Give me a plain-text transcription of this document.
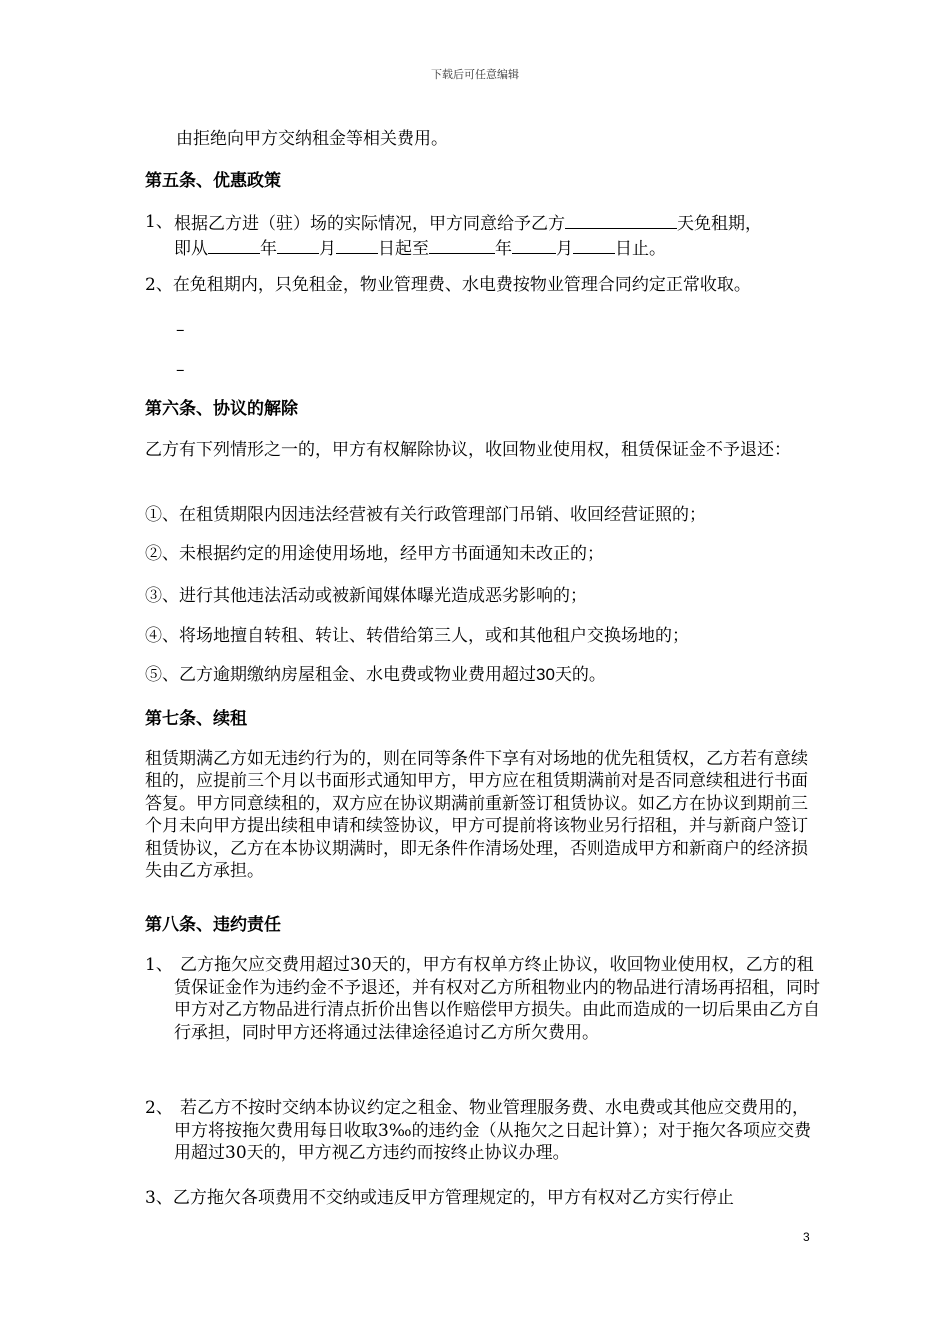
下载后可任意编辑
由拒绝向甲方交纳租金等相关费用。
第五条、优惠政策
1、 根据乙方进（驻）场的实际情况，甲方同意给予乙方	天免租期，
即从	年 月 日起至	年	月 日止。
2、在免租期内，只免租金，物业管理费、水电费按物业管理合同约定正常收取。
–
–
第六条、协议的解除
乙方有下列情形之一的，甲方有权解除协议，收回物业使用权，租赁保证金不予退还：
①、在租赁期限内因违法经营被有关行政管理部门吊销、收回经营证照的；
②、未根据约定的用途使用场地，经甲方书面通知未改正的；
③、进行其他违法活动或被新闻媒体曝光造成恶劣影响的；
④、将场地擅自转租、转让、转借给第三人，或和其他租户交换场地的；
⑤、乙方逾期缴纳房屋租金、水电费或物业费用超过30天的。
第七条、续租
租赁期满乙方如无违约行为的，则在同等条件下享有对场地的优先租赁权，乙方若有意续租的，应提前三个月以书面形式通知甲方，甲方应在租赁期满前对是否同意续租进行书面答复。甲方同意续租的，双方应在协议期满前重新签订租赁协议。如乙方在协议到期前三个月未向甲方提出续租申请和续签协议，甲方可提前将该物业另行招租，并与新商户签订租赁协议，乙方在本协议期满时，即无条件作清场处理，否则造成甲方和新商户的经济损失由乙方承担。
第八条、违约责任
1、 乙方拖欠应交费用超过30天的，甲方有权单方终止协议，收回物业使用权，乙方的租赁保证金作为违约金不予退还，并有权对乙方所租物业内的物品进行清场再招租，同时甲方对乙方物品进行清点折价出售以作赔偿甲方损失。由此而造成的一切后果由乙方自行承担，同时甲方还将通过法律途径追讨乙方所欠费用。
2、 若乙方不按时交纳本协议约定之租金、物业管理服务费、水电费或其他应交费用的，甲方将按拖欠费用每日收取3‰的违约金（从拖欠之日起计算）；对于拖欠各项应交费用超过30天的，甲方视乙方违约而按终止协议办理。
3、乙方拖欠各项费用不交纳或违反甲方管理规定的，甲方有权对乙方实行停止
3
